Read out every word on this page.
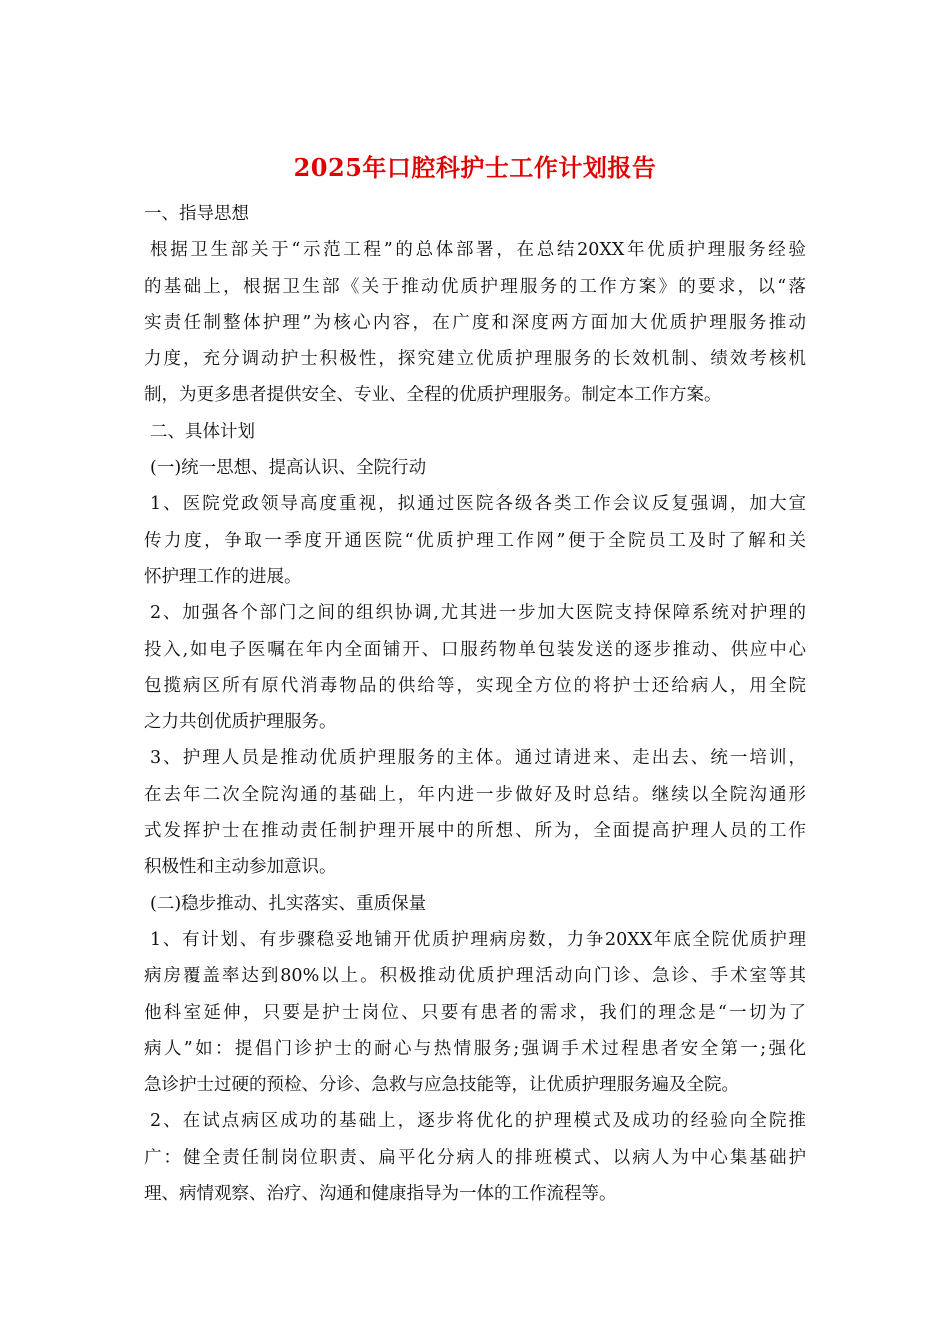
2025年口腔科护士工作计划报告
一、指导思想
根据卫生部关于“示范工程”的总体部署，在总结20XX年优质护理服务经验
的基础上，根据卫生部《关于推动优质护理服务的工作方案》的要求，以“落
实责任制整体护理”为核心内容，在广度和深度两方面加大优质护理服务推动
力度，充分调动护士积极性，探究建立优质护理服务的长效机制、绩效考核机
制，为更多患者提供安全、专业、全程的优质护理服务。制定本工作方案。
二、具体计划
(一)统一思想、提高认识、全院行动
1、医院党政领导高度重视，拟通过医院各级各类工作会议反复强调，加大宣
传力度，争取一季度开通医院“优质护理工作网”便于全院员工及时了解和关
怀护理工作的进展。
2、加强各个部门之间的组织协调,尤其进一步加大医院支持保障系统对护理的
投入,如电子医嘱在年内全面铺开、口服药物单包装发送的逐步推动、供应中心
包揽病区所有原代消毒物品的供给等，实现全方位的将护士还给病人，用全院
之力共创优质护理服务。
3、护理人员是推动优质护理服务的主体。通过请进来、走出去、统一培训，
在去年二次全院沟通的基础上，年内进一步做好及时总结。继续以全院沟通形
式发挥护士在推动责任制护理开展中的所想、所为，全面提高护理人员的工作
积极性和主动参加意识。
(二)稳步推动、扎实落实、重质保量
1、有计划、有步骤稳妥地铺开优质护理病房数，力争20XX年底全院优质护理
病房覆盖率达到80%以上。积极推动优质护理活动向门诊、急诊、手术室等其
他科室延伸，只要是护士岗位、只要有患者的需求，我们的理念是“一切为了
病人”如：提倡门诊护士的耐心与热情服务;强调手术过程患者安全第一;强化
急诊护士过硬的预检、分诊、急救与应急技能等，让优质护理服务遍及全院。
2、在试点病区成功的基础上，逐步将优化的护理模式及成功的经验向全院推
广：健全责任制岗位职责、扁平化分病人的排班模式、以病人为中心集基础护
理、病情观察、治疗、沟通和健康指导为一体的工作流程等。
